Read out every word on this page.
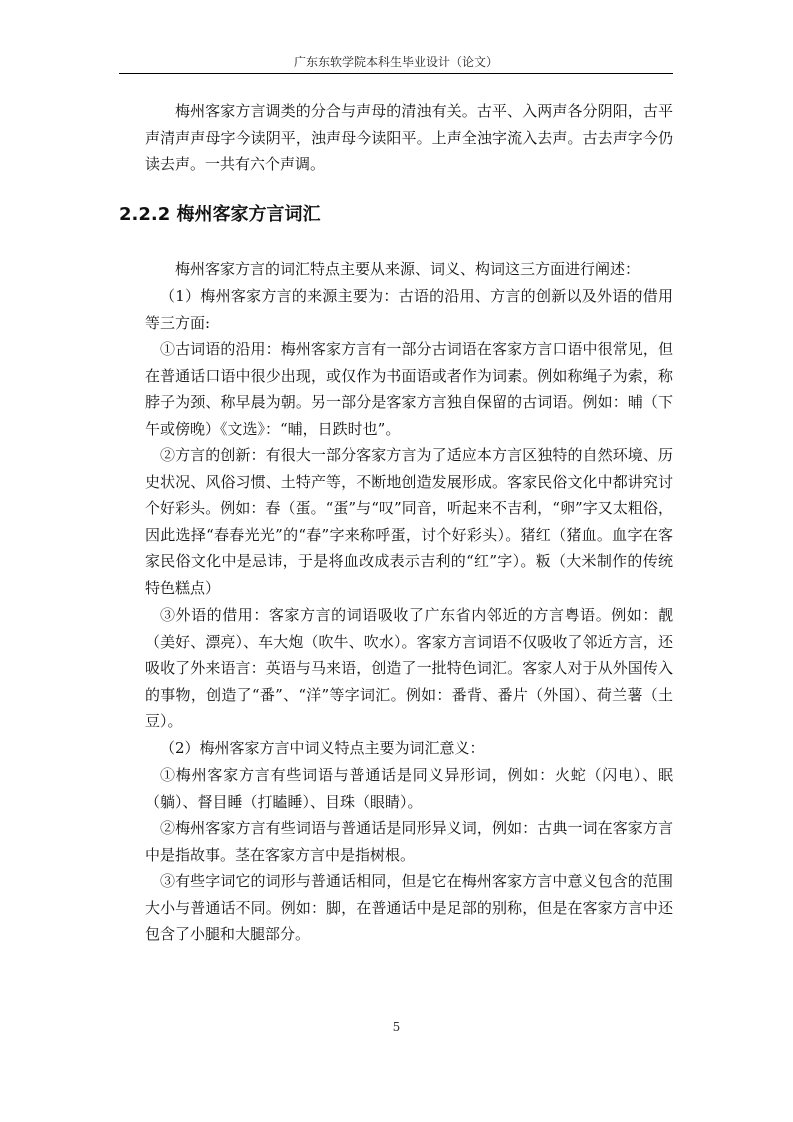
广东东软学院本科生毕业设计（论文）

梅州客家方言调类的分合与声母的清浊有关。古平、入两声各分阴阳，古平声清声声母字今读阴平，浊声母今读阳平。上声全浊字流入去声。古去声字今仍读去声。一共有六个声调。

2.2.2 梅州客家方言词汇

梅州客家方言的词汇特点主要从来源、词义、构词这三方面进行阐述：

（1）梅州客家方言的来源主要为：古语的沿用、方言的创新以及外语的借用等三方面:

①古词语的沿用：梅州客家方言有一部分古词语在客家方言口语中很常见，但在普通话口语中很少出现，或仅作为书面语或者作为词素。例如称绳子为索，称脖子为颈、称早晨为朝。另一部分是客家方言独自保留的古词语。例如：晡（下午或傍晚）《文选》：“晡，日跌时也”。

②方言的创新：有很大一部分客家方言为了适应本方言区独特的自然环境、历史状况、风俗习惯、土特产等，不断地创造发展形成。客家民俗文化中都讲究讨个好彩头。例如：春（蛋。“蛋”与“叹”同音，听起来不吉利，“卵”字又太粗俗，因此选择“春春光光”的“春”字来称呼蛋，讨个好彩头）。猪红（猪血。血字在客家民俗文化中是忌讳，于是将血改成表示吉利的“红”字）。粄（大米制作的传统特色糕点）

③外语的借用：客家方言的词语吸收了广东省内邻近的方言粤语。例如：靓（美好、漂亮）、车大炮（吹牛、吹水）。客家方言词语不仅吸收了邻近方言，还吸收了外来语言：英语与马来语，创造了一批特色词汇。客家人对于从外国传入的事物，创造了“番”、“洋”等字词汇。例如：番背、番片（外国）、荷兰薯（土豆）。

（2）梅州客家方言中词义特点主要为词汇意义：

①梅州客家方言有些词语与普通话是同义异形词，例如：火蛇（闪电）、眠（躺）、督目睡（打瞌睡）、目珠（眼睛）。

②梅州客家方言有些词语与普通话是同形异义词，例如：古典一词在客家方言中是指故事。茎在客家方言中是指树根。

③有些字词它的词形与普通话相同，但是它在梅州客家方言中意义包含的范围大小与普通话不同。例如：脚，在普通话中是足部的别称，但是在客家方言中还包含了小腿和大腿部分。

5
